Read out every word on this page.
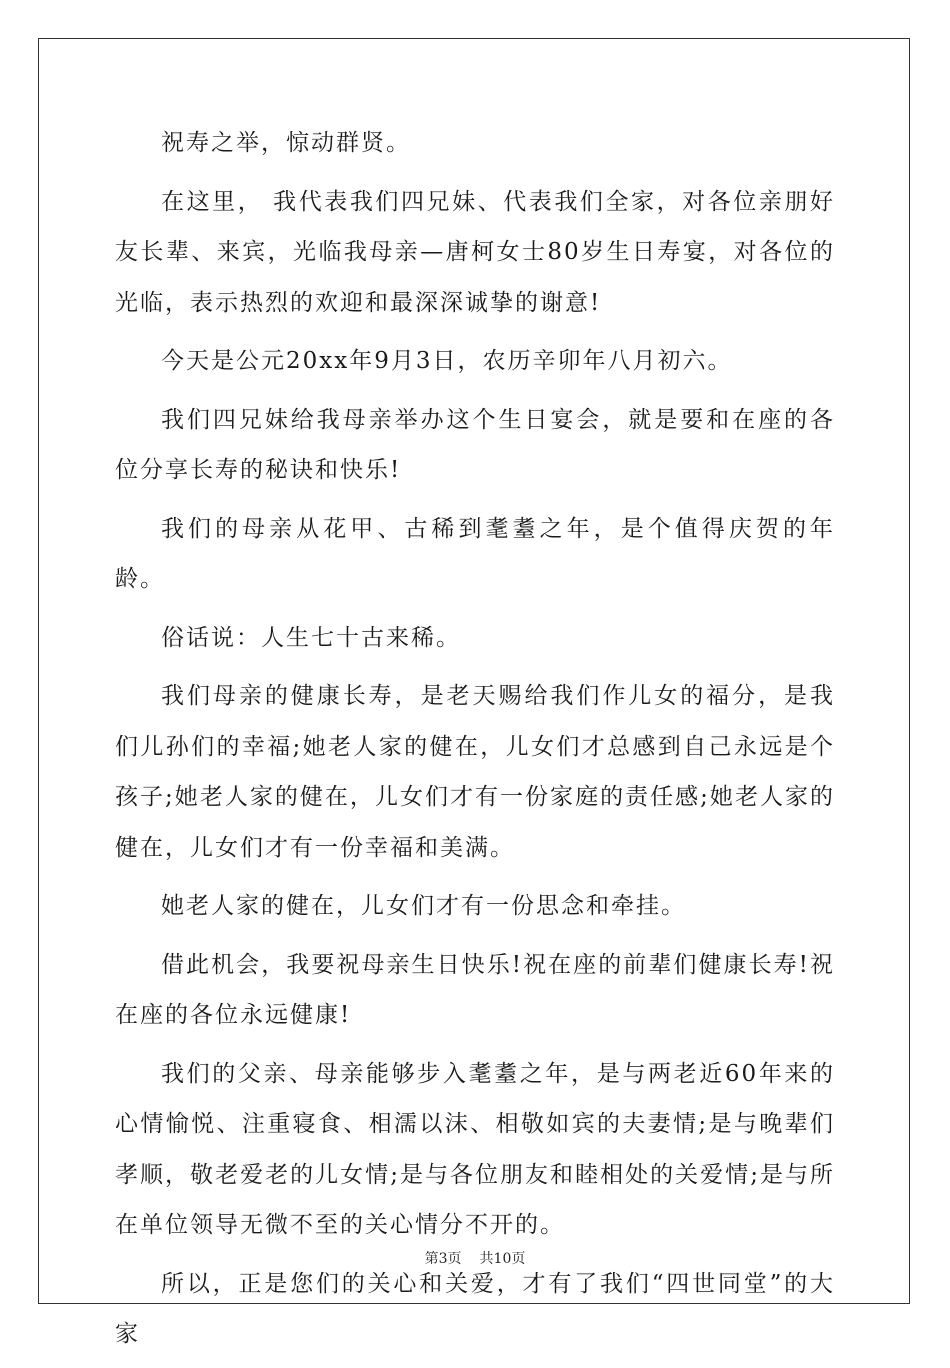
祝寿之举，惊动群贤。

在这里， 我代表我们四兄妹、代表我们全家，对各位亲朋好友长辈、来宾，光临我母亲—唐柯女士80岁生日寿宴，对各位的光临，表示热烈的欢迎和最深深诚挚的谢意!

今天是公元20xx年9月3日，农历辛卯年八月初六。

我们四兄妹给我母亲举办这个生日宴会，就是要和在座的各位分享长寿的秘诀和快乐!

我们的母亲从花甲、古稀到耄耋之年，是个值得庆贺的年龄。

俗话说：人生七十古来稀。

我们母亲的健康长寿，是老天赐给我们作儿女的福分，是我们儿孙们的幸福;她老人家的健在，儿女们才总感到自己永远是个孩子;她老人家的健在，儿女们才有一份家庭的责任感;她老人家的健在，儿女们才有一份幸福和美满。

她老人家的健在，儿女们才有一份思念和牵挂。

借此机会，我要祝母亲生日快乐!祝在座的前辈们健康长寿!祝在座的各位永远健康!

我们的父亲、母亲能够步入耄耋之年，是与两老近60年来的心情愉悦、注重寝食、相濡以沫、相敬如宾的夫妻情;是与晚辈们孝顺，敬老爱老的儿女情;是与各位朋友和睦相处的关爱情;是与所在单位领导无微不至的关心情分不开的。

所以，正是您们的关心和关爱，才有了我们“四世同堂”的大家

第3页 共10页
